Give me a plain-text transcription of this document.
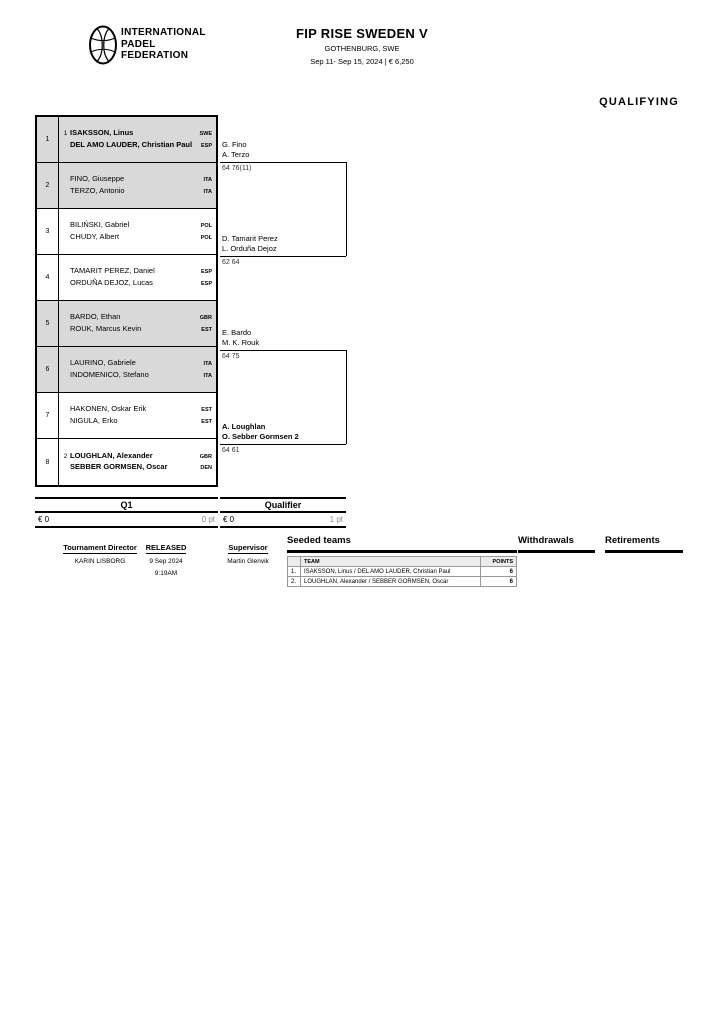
INTERNATIONAL
PADEL
FEDERATION
FIP RISE SWEDEN V
GOTHENBURG, SWE
Sep 11- Sep 15, 2024 | € 6,250
QUALIFYING
1
1 ISAKSSON, Linus	SWE
DEL AMO LAUDER, Christian Paul	ESP
2
FINO, Giuseppe	ITA
TERZO, Antonio	ITA
3
BILIŃSKI, Gabriel	POL
CHUDY, Albert	POL
4
TAMARIT PEREZ, Daniel	ESP
ORDUÑA DEJOZ, Lucas	ESP
5
BARDO, Ethan	GBR
ROUK, Marcus Kevin	EST
6
LAURINO, Gabriele	ITA
INDOMENICO, Stefano	ITA
7
HAKONEN, Oskar Erik	EST
NIGULA, Erko	EST
8
2 LOUGHLAN, Alexander	GBR
SEBBER GORMSEN, Oscar	DEN
G. Fino
A. Terzo
64 76(11)
D. Tamarit Perez
L. Orduña Dejoz
62 64
E. Bardo
M. K. Rouk
64 75
A. Loughlan
O. Sebber Gormsen 2
64 61
Q1	Qualifier
€ 0	0 pt € 0	1 pt
Tournament Director
KARIN LISBORG
RELEASED
9 Sep 2024
9:19AM
Supervisor
Martin Glenvik
Seeded teams
	TEAM	POINTS
1.	ISAKSSON, Linus / DEL AMO LAUDER, Christian Paul	6
2.	LOUGHLAN, Alexander / SEBBER GORMSEN, Oscar	6
Withdrawals	Retirements
